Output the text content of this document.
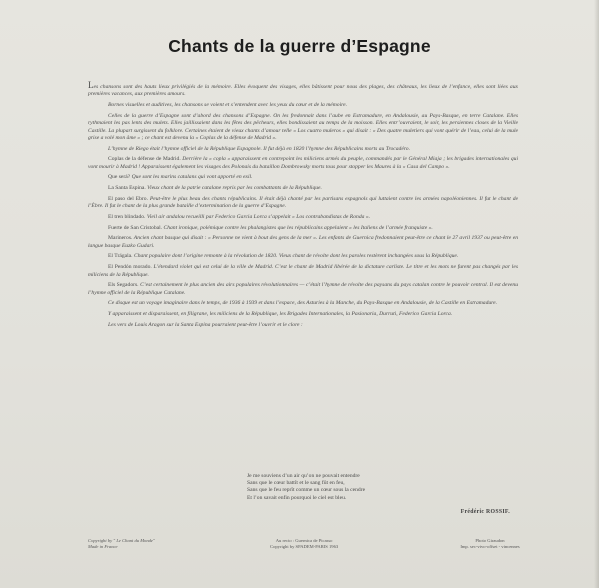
Chants de la guerre d’Espagne

Les chansons sont des hauts lieux privilégiés de la mémoire. Elles évoquent des visages, elles bâtissent pour nous des plages, des châteaux, les lieux de l’enfance, elles sont liées aux premières vacances, aux premières amours.

Bornes visuelles et auditives, les chansons se voient et s’entendent avec les yeux du cœur et de la mémoire.

Celles de la guerre d’Espagne sont d’abord des chansons d’Espagne. On les fredonnait dans l’aube en Estramadure, en Andalousie, au Pays-Basque, en terre Catalane. Elles rythmaient les pas lents des mulets. Elles jaillissaient dans les fêtes des pêcheurs, elles bondissaient au temps de la moisson. Elles entr’ouvraient, le soir, les persiennes closes de la Vieille Castille. La plupart surgissent du folklore. Certaines étaient de vieux chants d’amour telle « Los cuatro muleros » qui disait : « Des quatre muletiers qui vont quérir de l’eau, celui de la mule grise a volé mon âme » ; ce chant est devenu la « Coplas de la défense de Madrid ».

L’hymne de Riego était l’hymne officiel de la République Espagnole. Il fut déjà en 1820 l’hymne des Républicains morts au Trocadéro.

Coplas de la défense de Madrid. Derrière la « copla » apparaissent en contrepoint les miliciens armés du peuple, commandés par le Général Miaja ; les brigades internationales qui vont mourir à Madrid ! Apparaissent également les visages des Polonais du bataillon Dombrowsky morts tous pour stopper les Maures à la « Casa del Campo ».

Que será? Que sont les marins catalans qui vont apporté en exil.

La Santa Espina. Vieux chant de la patrie catalane repris par les combattants de la République.

El paso del Ebro. Peut-être le plus beau des chants républicains. Il était déjà chanté par les partisans espagnols qui luttaient contre les armées napoléoniennes. Il fut le chant de l’Èbre. Il fut le chant de la plus grande bataille d’extermination de la guerre d’Espagne.

El tren blindado. Vieil air andalou recueilli par Federico Garcia Lorca s’appelait « Los contrabandistas de Ronda ».

Fuerte de San Cristobal. Chant ironique, polémique contre les phalangistes que les républicains appelaient « les Italiens de l’armée franquiste ».

Marineros. Ancien chant basque qui disait : « Personne ne vient à bout des gens de la mer ». Les enfants de Guernica fredonnaient peut-être ce chant le 27 avril 1937 ou peut-être en langue basque Euzko Gudari.

El Trágala. Chant populaire dont l’origine remonte à la révolution de 1820. Vieux chant de révolte dont les paroles restèrent inchangées sous la République.

El Pendón morado. L’étendard violet qui est celui de la ville de Madrid. C’est le chant de Madrid libérée de la dictature carliste. Le titre et les mots ne furent pas changés par les miliciens de la République.

Els Segadors. C’est certainement le plus ancien des airs populaires révolutionnaires — c’était l’hymne de révolte des paysans du pays catalan contre le pouvoir central. Il est devenu l’hymne officiel de la République Catalane.

Ce disque est un voyage imaginaire dans le temps, de 1936 à 1939 et dans l’espace, des Asturies à la Manche, du Pays-Basque en Andalousie, de la Castille en Estramadure.

Y apparaissent et disparaissent, en filigrane, les miliciens de la République, les Brigades Internationales, la Pasionaria, Durruti, Federico Garcia Lorca.

Les vers de Louis Aragon sur la Santa Espina pourraient peut-être l’ouvrir et le clore :

Je me souviens d’un air qu’on ne pouvait entendre
Sans que le cœur battît et le sang fût en feu,
Sans que le feu reprît comme un cœur sous la cendre
Et l’on savait enfin pourquoi le ciel est bleu.
Frédéric ROSSIF.
Copyright by " Le Chant du Monde"
Made in France
Au recto : Guernica de Picasso
Copyright by SPADEM-PARIS 1963
Photo Giraudon
Imp. sec-vivo-offset - vincennes
